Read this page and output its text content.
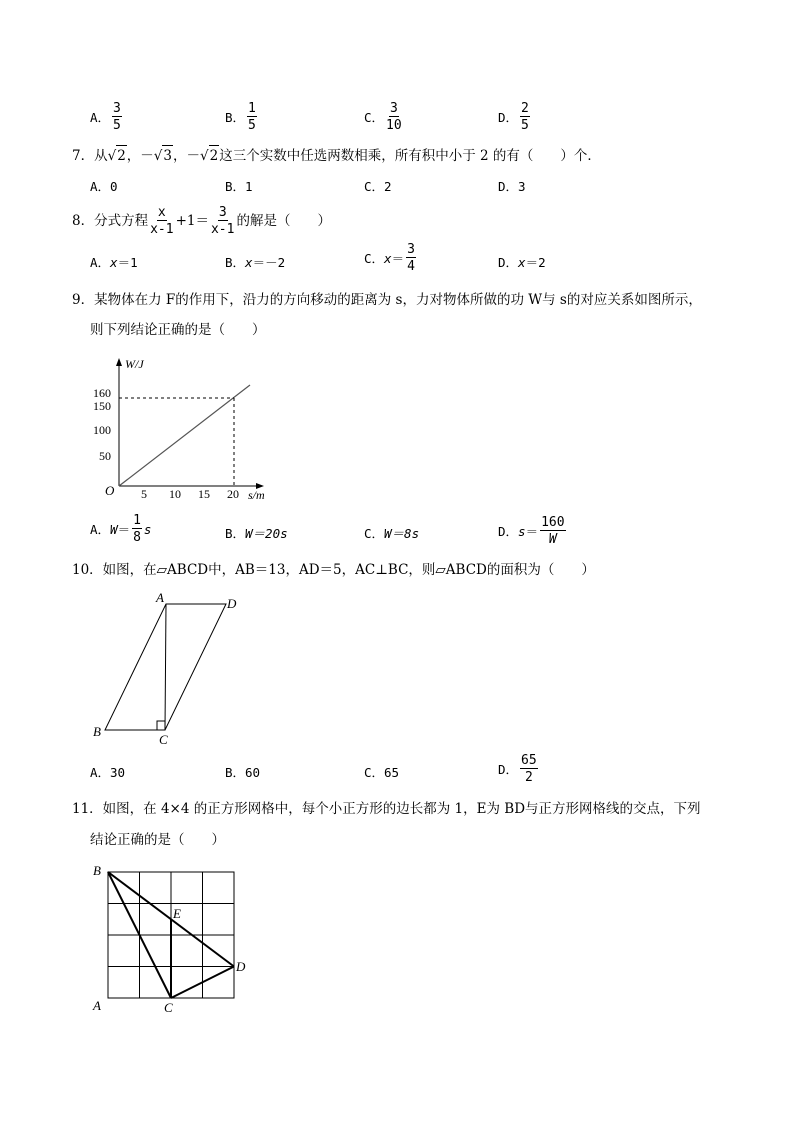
A． $\frac{3}{5}$	B． $\frac{1}{5}$	C． $\frac{3}{10}$	D． $\frac{2}{5}$
7．从 √ 2 ，－ √ 3 ，－ √ 2 这三个实数中任选两数相乘，所有积中小于 2 的有（　　）个．
A．0	B．1	C．2	D．3
8． 分式方程 $\frac{x}{x-1} +1= \frac{3}{x-1}$ 的解是（　　）
A． x ＝1	B． x ＝－2	C． $x = \frac{3}{4}$	D． x ＝2
9．某物体在力 F的作用下，沿力的方向移动的距离为 s，力对物体所做的功 W与 s的对应关系如图所示，
则下列结论正确的是（　　）
W/J
O	s/m
160
150
100
50
5 10 15 20
A． $W = \frac{1}{8}$ s	B． W＝20s	C． W＝8s	D． $s = \frac{160}{W}$
10．如图，在▱ABCD中，AB＝13，AD＝5，AC⊥BC，则▱ABCD的面积为（　　）
A	D
B
C
A．30	B．60	C．65	D． $\frac{65}{2}$
11．如图，在 4×4 的正方形网格中，每个小正方形的边长都为 1，E为 BD与正方形网格线的交点，下列
结论正确的是（　　）
B
E
D
A	C
